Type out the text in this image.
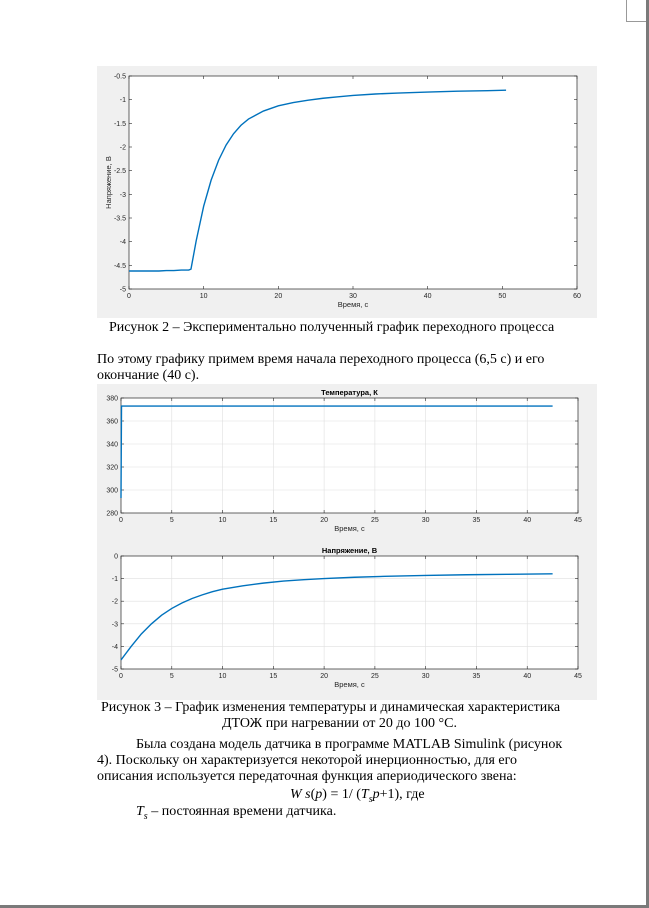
0	10	20	30	40	50	60
-0.5
-1
-1.5
-2
-2.5
-3
-3.5
-4
-4.5
-5
Время, с
Напряжение, В
Рисунок 2 – Экспериментально полученный график переходного процесса
По этому графику примем время начала переходного процесса (6,5 с) и его
окончание (40 с).
0	5	10	15	20	25	30	35	40	45
380
360
340
320
300
280
Время, с
Температура, К
0	5	10	15	20	25	30	35	40	45
0
-1
-2
-3
-4
-5
Время, с
Напряжение, В
Рисунок 3 – График изменения температуры и динамическая характеристика
ДТОЖ при нагревании от 20 до 100 °С.
Была создана модель датчика в программе MATLAB Simulink (рисунок
4). Поскольку он характеризуется некоторой инерционностью, для его
описания используется передаточная функция апериодического звена:
W s(p) = 1/ $(T_sp+1)$, где
$T_s$ – постоянная времени датчика.
